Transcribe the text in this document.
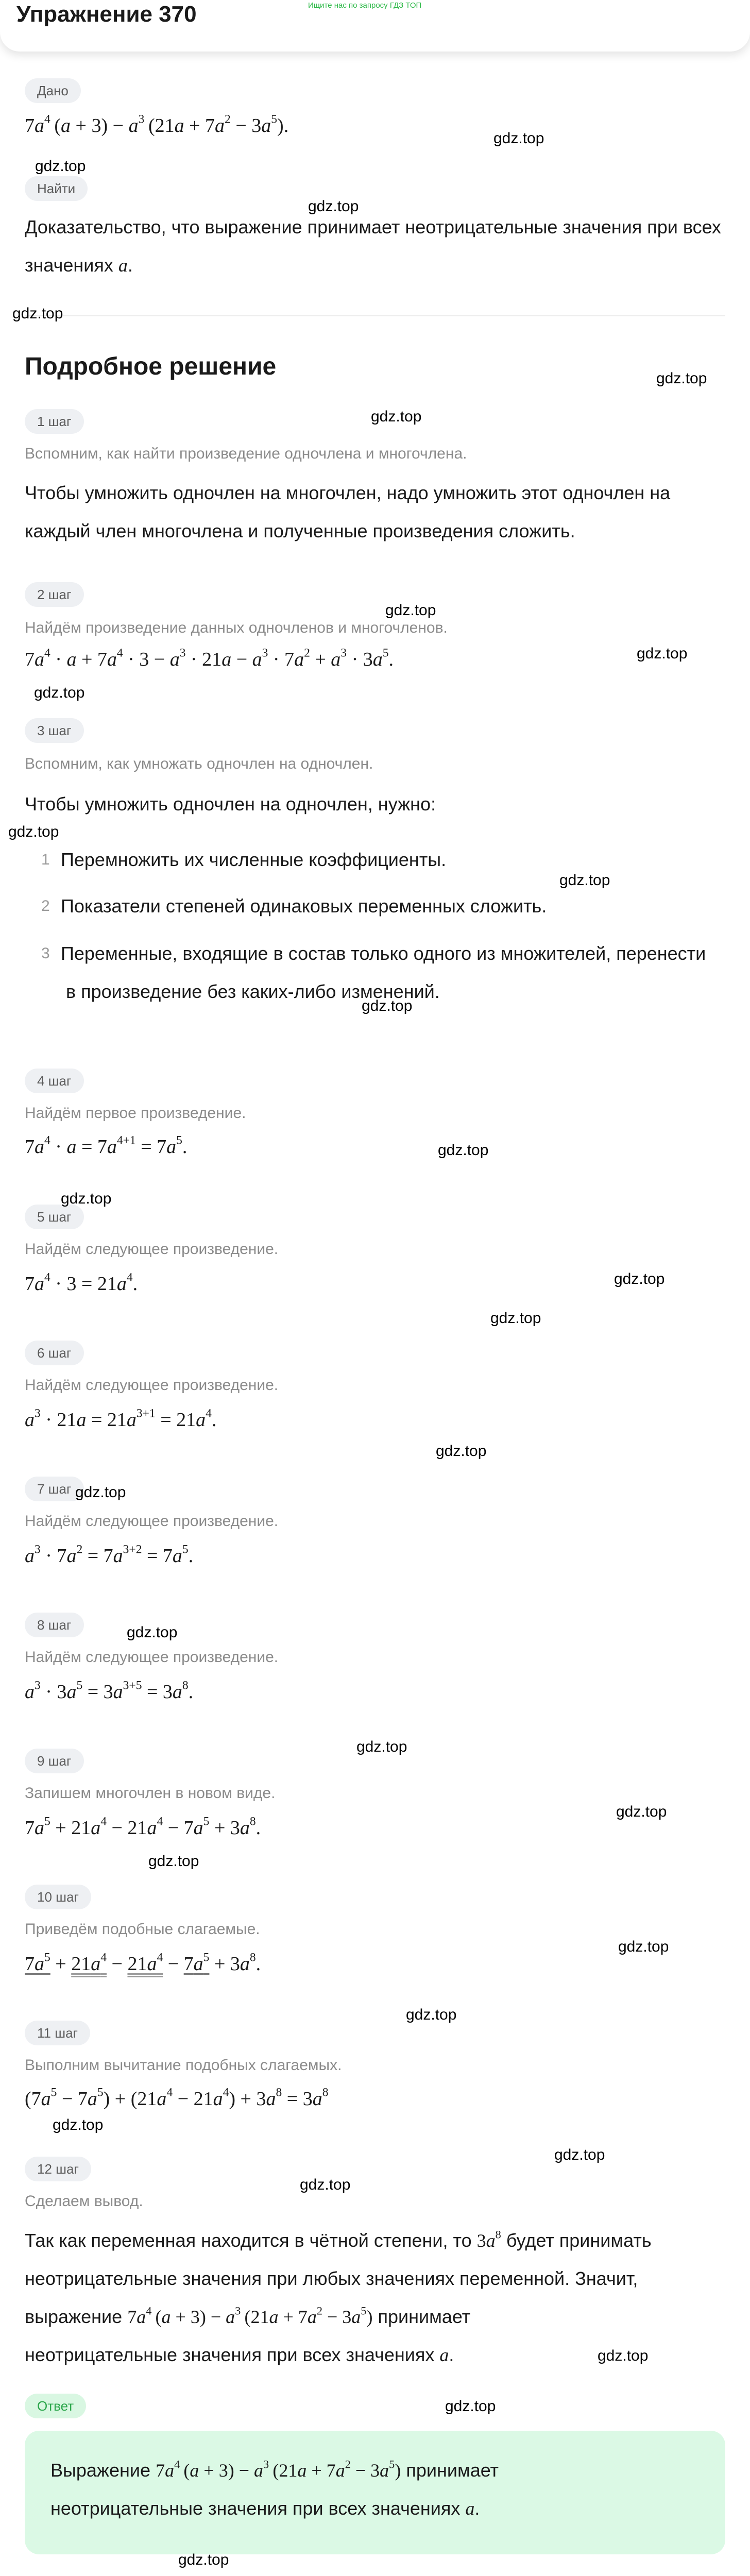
Упражнение 370	Ищите нас по запросу ГДЗ ТОП
Дано
$7a^4$ $(a + 3) - a^3$ $(21a + 7a^2 - 3a^5)$.
Найти
Доказательство, что выражение принимает неотрицательные значения при всех значениях a.
Подробное решение
1 шаг
Вспомним, как найти произведение одночлена и многочлена.
Чтобы умножить одночлен на многочлен, надо умножить этот одночлен на
каждый член многочлена и полученные произведения сложить.
2 шаг
Найдём произведение данных одночленов и многочленов.
$7a^4 \cdot a + 7a^4 \cdot 3 - a^3 \cdot 21a - a^3 \cdot 7a^2 + a^3 \cdot 3a^5$.
3 шаг
Вспомним, как умножать одночлен на одночлен.
Чтобы умножить одночлен на одночлен, нужно:
1 Перемножить их численные коэффициенты.
2 Показатели степеней одинаковых переменных сложить.
3 Переменные, входящие в состав только одного из множителей, перенести
в произведение без каких-либо изменений.
4 шаг
Найдём первое произведение.
$7a^4 \cdot a = 7a^{4+1} = 7a^5$.
5 шаг
Найдём следующее произведение.
$7a^4 \cdot 3 = 21a^4$.
6 шаг
Найдём следующее произведение.
$a^3 \cdot 21a = 21a^{3+1} = 21a^4$.
7 шаг
Найдём следующее произведение.
$a^3 \cdot 7a^2 = 7a^{3+2} = 7a^5$.
8 шаг
Найдём следующее произведение.
$a^3 \cdot 3a^5 = 3a^{3+5} = 3a^8$.
9 шаг
Запишем многочлен в новом виде.
$7a^5 + 21a^4 - 21a^4 - 7a^5 + 3a^8$.
10 шаг
Приведём подобные слагаемые.
$7a^5 + 21a^4 - 21a^4 - 7a^5 + 3a^8$.
11 шаг
Выполним вычитание подобных слагаемых.
$(7a^5 - 7a^5) + (21a^4 - 21a^4) + 3a^8 = 3a^8$
12 шаг
Сделаем вывод.
Так как переменная находится в чётной степени, то $3a^8$ будет принимать
неотрицательные значения при любых значениях переменной. Значит,
выражение $7a^4$ $(a + 3) - a^3$ $(21a + 7a^2 - 3a^5)$ принимает
неотрицательные значения при всех значениях a.
Ответ
Выражение $7a^4$ $(a + 3) - a^3$ $(21a + 7a^2 - 3a^5)$ принимает
неотрицательные значения при всех значениях a.
gdz.top
gdz.top
gdz.top
gdz.top
gdz.top
gdz.top
gdz.top
gdz.top
gdz.top
gdz.top
gdz.top
gdz.top
gdz.top
gdz.top
gdz.top
gdz.top
gdz.top
gdz.top
gdz.top
gdz.top
gdz.top
gdz.top
gdz.top
gdz.top
gdz.top
gdz.top
gdz.top
gdz.top
gdz.top
gdz.top
